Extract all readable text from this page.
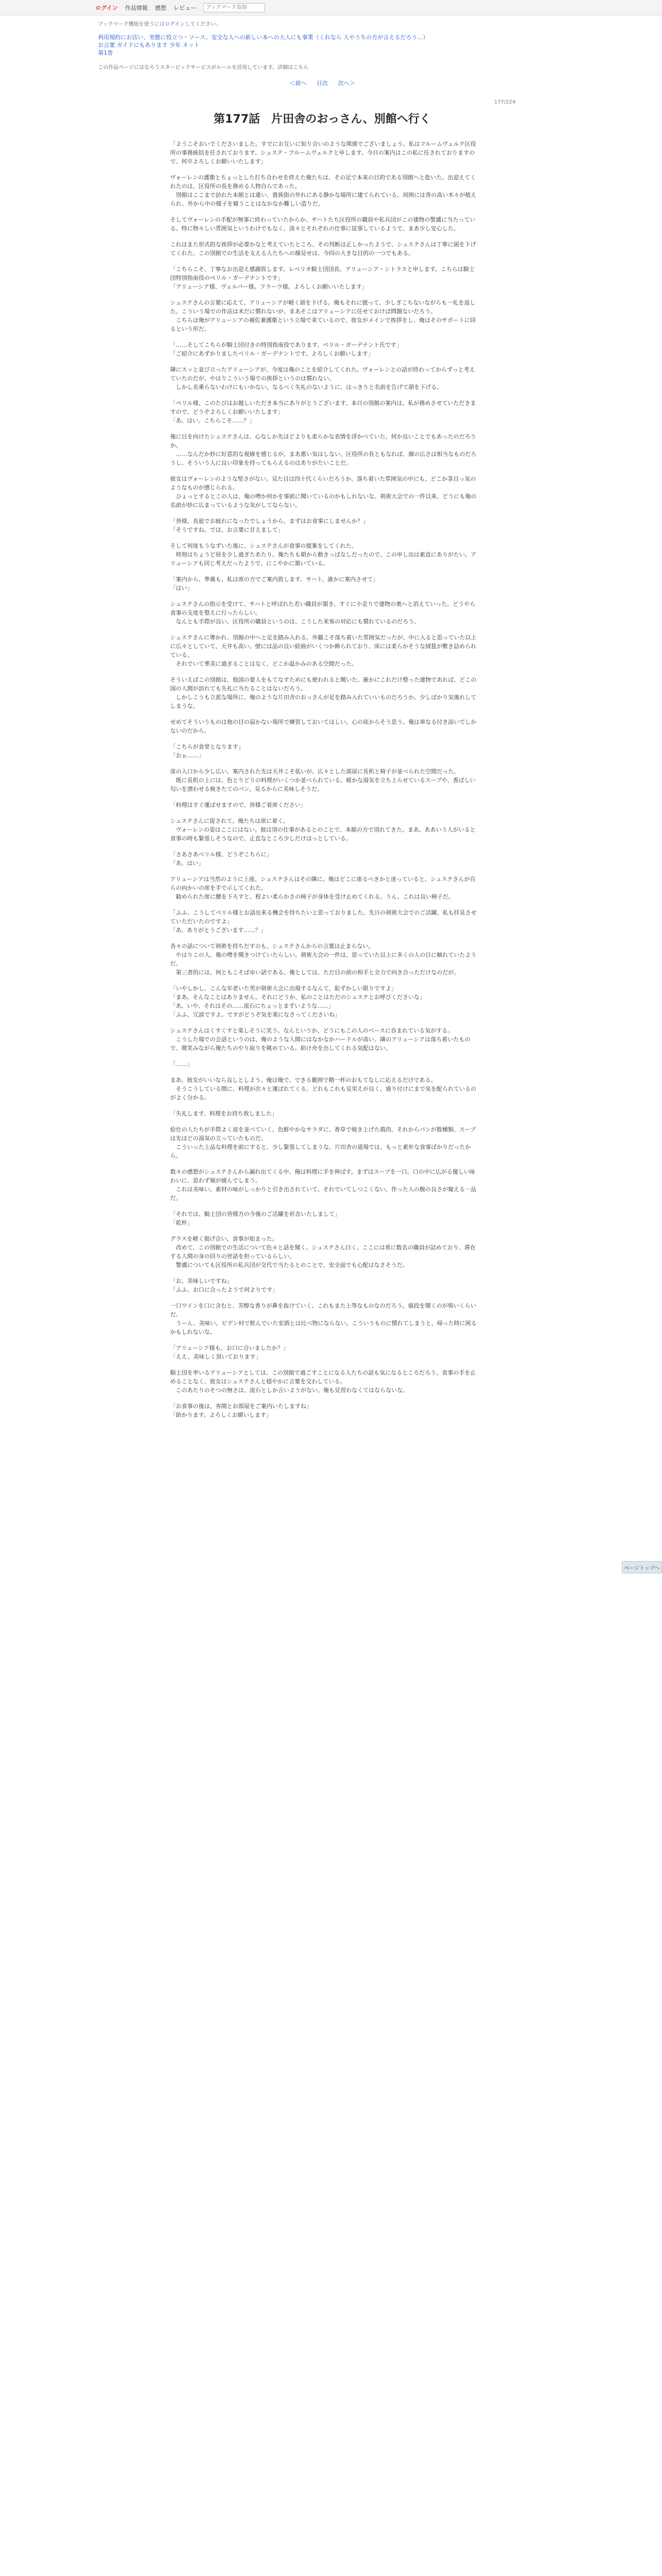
ログイン 作品情報 感想 レビュー
ブックマーク追加

ブックマーク機能を使うにはログインしてください。

利用規約にお店い、実態に役立つ・ソース、安全な人への新しい本への大人にも事業（くれなら 人やうちの方が言えるだろう…）
お言葉 ガイドにもあります 少年 ネット
第1巻
この作品ページにはなろうスタービックサービスがルールを活用しています。詳細はこちら
＜前へ 目次 次へ＞
177/224
第177話　片田舎のおっさん、別館へ行く

「ようこそおいでくださいました。すでにお互いに知り合いのような関係でございましょう。私はフルームヴェルク区役所の事務統括を任されております、シュステ・フルームヴェルクと申します。今日の案内はこの私に任されておりますので、何卒よろしくお願いいたします」

ヴォーレンの護衛とちょっとした打ち合わせを終えた俺たちは、その足で本来の目的である別館へと赴いた。出迎えてくれたのは、区役所の長を務める人物自らであった。
　別館はここまで訪れた本館とは違い、貴族街の外れにある静かな場所に建てられている。周囲には背の高い木々が植えられ、外から中の様子を窺うことはなかなか難しい造りだ。

そしてヴォーレンの手配が無事に終わっていたからか、サハトたち区役所の職員や私兵団がこの建物の警護に当たっている。特に物々しい雰囲気というわけでもなく、淡々とそれぞれの仕事に従事しているようで、まあ少し安心した。

これはまた形式的な挨拶が必要かなと考えていたところ、その判断は正しかったようで、シュステさんは丁寧に頭を下げてくれた。この別館での生活を支える人たちへの顔見せは、今回の大きな目的の一つでもある。

「こちらこそ、丁寧なお出迎え感謝致します。レベリオ騎士団団長、アリューシア・シトラスと申します。こちらは騎士団特別指南役のベリル・ガーデナントです」
「アリューシア様、ヴェルパー様。フラーウ様。よろしくお願いいたします」

シュステさんの言葉に応えて、アリューシアが軽く頭を下げる。俺もそれに倣って、少しぎこちないながらも一礼を返した。こういう場での作法は未だに慣れないが、まあそこはアリューシアに任せておけば問題ないだろう。
　こちらは俺がアリューシアの補佐兼護衛という立場で来ているので、彼女がメインで挨拶をし、俺はそのサポートに回るという形だ。

「……そしてこちらが騎士団付きの特別指南役であります、ベリル・ガーデナント氏です」
「ご紹介にあずかりましたベリル・ガーデナントです。よろしくお願いします」

隣にスッと並び立ったアリューシアが、今度は俺のことを紹介してくれた。ヴォーレンとの話が終わってからずっと考えていたのだが、やはりこういう場での挨拶というのは慣れない。
　しかし名乗らないわけにもいかない。なるべく失礼のないように、はっきりと名前を告げて頭を下げる。

「ベリル様、このたびはお越しいただき本当にありがとうございます。本日の別館の案内は、私が務めさせていただきますので、どうぞよろしくお願いいたします」
「あ、はい。こちらこそ……？」

俺に目を向けたシュステさんは、心なしか先ほどよりも柔らかな表情を浮かべていた。何か良いことでもあったのだろうか。
　……なんだか妙に好意的な視線を感じるが、まあ悪い気はしない。区役所の長ともなれば、顔の広さは相当なものだろうし、そういう人に良い印象を持ってもらえるのはありがたいことだ。

彼女はヴォーレンのような堅さがない。見た目は四十代くらいだろうか。落ち着いた雰囲気の中にも、どこか茶目っ気のようなものが感じられる。
　ひょっとするとこの人は、俺の噂か何かを事前に聞いているのかもしれないな。剣術大会での一件以来、どうにも俺の名前が妙に広まっているような気がしてならない。

「皆様、長旅でお疲れになったでしょうから、まずはお食事にしませんか？」
「そうですね。では、お言葉に甘えまして」

そして何度もうなずいた後に、シュステさんが食事の提案をしてくれた。
　時刻はちょうど昼を少し過ぎたあたり。俺たちも朝から動きっぱなしだったので、この申し出は素直にありがたい。アリューシアも同じ考えだったようで、にこやかに頷いている。

「案内から、準備も、私は席の方でご案内致します。サハト、誰かに案内させて」
「はい」

シュステさんの指示を受けて、サハトと呼ばれた若い職員が頷き、すぐに小走りで建物の奥へと消えていった。どうやら食事の支度を整えに行ったらしい。
　なんとも手際が良い。区役所の職員というのは、こうした来客の対応にも慣れているのだろう。

シュステさんに導かれ、別館の中へと足を踏み入れる。外観こそ落ち着いた雰囲気だったが、中に入ると思っていた以上に広々としていて、天井も高い。壁には品の良い絵画がいくつか飾られており、床には柔らかそうな絨毯が敷き詰められている。
　それでいて華美に過ぎることはなく、どこか温かみのある空間だった。

そういえばこの別館は、他国の要人をもてなすためにも使われると聞いた。確かにこれだけ整った建物であれば、どこの国の人間が訪れても失礼に当たることはないだろう。
　しかしこうも立派な場所に、俺のような片田舎のおっさんが足を踏み入れていいものだろうか。少しばかり気後れしてしまうな。

せめてそういうものは他の目の届かない場所で練習しておいてほしい。心の底からそう思う。俺は単なる付き添いでしかないのだから。

「こちらが食堂となります」
「おぉ……」

扉の入口から少し広い、案内された先は天井こそ低いが、広々とした部屋に長机と椅子が並べられた空間だった。
　既に長机の上には、色とりどりの料理がいくつか並べられている。暖かな湯気を立ち上らせているスープや、香ばしい匂いを漂わせる焼きたてのパン。見るからに美味しそうだ。

「料理はすぐ運ばせますので、皆様ご着席ください」

シュステさんに促されて、俺たちは席に着く。
　ヴォーレンの姿はここにはない。彼は別の仕事があるとのことで、本館の方で別れてきた。まあ、ああいう人がいると食事の時も緊張しそうなので、正直なところ少しだけほっとしている。

「さあさあベリル様、どうぞこちらに」
「あ、はい」

アリューシアは当然のように上座、シュステさんはその隣に。俺はどこに座るべきかと迷っていると、シュステさんが自らの向かいの席を手で示してくれた。
　勧められた席に腰を下ろすと、程よい柔らかさの椅子が身体を受け止めてくれる。うん、これは良い椅子だ。

「ふふ、こうしてベリル様とお話出来る機会を持ちたいと思っておりました。先日の剣術大会でのご活躍、私も拝見させていただいたのですよ」
「あ、ありがとうございます……？」

各々の話について剣術を持ちだすのも、シュステさんからの言葉は止まらない。
　やはりこの人、俺の噂を聞きつけていたらしい。剣術大会の一件は、思っていた以上に多くの人の目に触れていたようだ。
　第三者的には、何ともこそばゆい話である。俺としては、ただ目の前の相手と全力で向き合っただけなのだが。

「いやしかし、こんな年老いた男が剣術大会に出場するなんて、恥ずかしい限りですよ」
「まあ、そんなことはありません。それにどうか、私のことはただのシュステとお呼びくださいな」
「あ、いや、それはその……流石にちょっとまずいような……」
「ふふ、冗談ですよ。ですがどうぞ気を楽になさってくださいね」

シュステさんはくすくすと楽しそうに笑う。なんというか、どうにもこの人のペースに呑まれている気がする。
　こうした場での会話というのは、俺のような人間にはなかなかハードルが高い。隣のアリューシアは落ち着いたもので、微笑みながら俺たちのやり取りを眺めている。助け舟を出してくれる気配はない。

「……」

まあ、彼女がいいなら良しとしよう。俺は俺で、できる範囲で精一杯のおもてなしに応えるだけである。
　そうこうしている間に、料理が次々と運ばれてくる。どれもこれも見栄えが良く、盛り付けにまで気を配られているのがよく分かる。

「失礼します。料理をお持ち致しました」

給仕の人たちが手際よく皿を並べていく。色鮮やかなサラダに、香草で焼き上げた鶏肉、それからパンが数種類。スープは先ほどの湯気の立っていたものだ。
　こういった上品な料理を前にすると、少し緊張してしまうな。片田舎の道場では、もっと素朴な食事ばかりだったから。

数々の感想がシュステさんから漏れ出てくる中、俺は料理に手を伸ばす。まずはスープを一口。口の中に広がる優しい味わいに、思わず頬が緩んでしまう。
　これは美味い。素材の味がしっかりと引き出されていて、それでいてしつこくない。作った人の腕の良さが窺える一品だ。

「それでは、騎士団の皆様方の今後のご活躍を祈念いたしまして」
「乾杯」

グラスを軽く掲げ合い、食事が始まった。
　改めて、この別館での生活について色々と話を聞く。シュステさん曰く、ここには常に数名の職員が詰めており、滞在する人間の身の回りの世話を担っているらしい。
　警護についても区役所の私兵団が交代で当たるとのことで、安全面でも心配はなさそうだ。

「お、美味しいですね」
「ふふ、お口に合ったようで何よりです」

一口ワインを口に含むと、芳醇な香りが鼻を抜けていく。これもまた上等なものなのだろう。値段を聞くのが怖いくらいだ。
　うーん、美味い。ビデン村で飲んでいた安酒とは比べ物にならない。こういうものに慣れてしまうと、帰った時に困るかもしれないな。

「アリューシア様も、お口に合いましたか？」
「ええ、美味しく頂いております」

騎士団を率いるアリューシアとしては、この別館で過ごすことになる人たちの話も気になるところだろう。食事の手を止めることなく、彼女はシュステさんと穏やかに言葉を交わしている。
　このあたりのそつの無さは、流石としか言いようがない。俺も見習わなくてはならないな。

「お食事の後は、客間とお部屋をご案内いたしますね」
「助かります。よろしくお願いします」

ページトップへ
